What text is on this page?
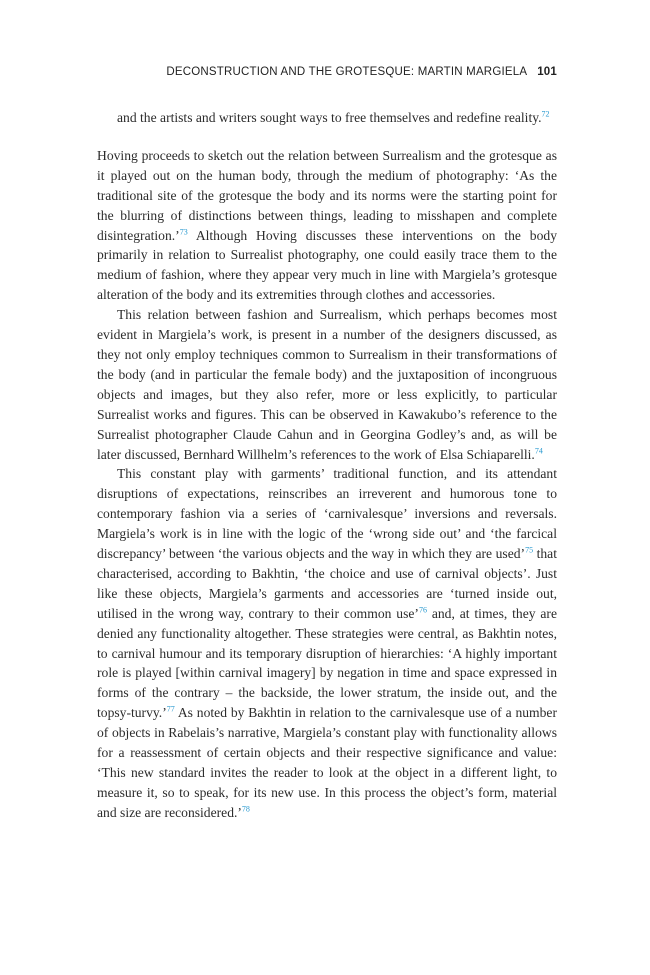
DECONSTRUCTION AND THE GROTESQUE: MARTIN MARGIELA 101

and the artists and writers sought ways to free themselves and redefine reality.$^{72}$

Hoving proceeds to sketch out the relation between Surrealism and the grotesque as it played out on the human body, through the medium of photography: ‘As the traditional site of the grotesque the body and its norms were the starting point for the blurring of distinctions between things, leading to misshapen and complete disintegration.’$^{73}$ Although Hoving discusses these interventions on the body primarily in relation to Surrealist photography, one could easily trace them to the medium of fashion, where they appear very much in line with Margiela’s grotesque alteration of the body and its extremities through clothes and accessories.

This relation between fashion and Surrealism, which perhaps becomes most evident in Margiela’s work, is present in a number of the designers discussed, as they not only employ techniques common to Surrealism in their transformations of the body (and in particular the female body) and the juxtaposition of incongruous objects and images, but they also refer, more or less explicitly, to particular Surrealist works and figures. This can be observed in Kawakubo’s reference to the Surrealist photographer Claude Cahun and in Georgina Godley’s and, as will be later discussed, Bernhard Willhelm’s references to the work of Elsa Schiaparelli.$^{74}$

This constant play with garments’ traditional function, and its attendant disruptions of expectations, reinscribes an irreverent and humorous tone to contemporary fashion via a series of ‘carnivalesque’ inversions and reversals. Margiela’s work is in line with the logic of the ‘wrong side out’ and ‘the farcical discrepancy’ between ‘the various objects and the way in which they are used’$^{75}$ that characterised, according to Bakhtin, ‘the choice and use of carnival objects’. Just like these objects, Margiela’s garments and accessories are ‘turned inside out, utilised in the wrong way, contrary to their common use’$^{76}$ and, at times, they are denied any functionality altogether. These strategies were central, as Bakhtin notes, to carnival humour and its temporary disruption of hierarchies: ‘A highly important role is played [within carnival imagery] by negation in time and space expressed in forms of the contrary – the backside, the lower stratum, the inside out, and the topsy-turvy.’$^{77}$ As noted by Bakhtin in relation to the carnivalesque use of a number of objects in Rabelais’s narrative, Margiela’s constant play with functionality allows for a reassessment of certain objects and their respective significance and value: ‘This new standard invites the reader to look at the object in a different light, to measure it, so to speak, for its new use. In this process the object’s form, material and size are reconsidered.’$^{78}$
